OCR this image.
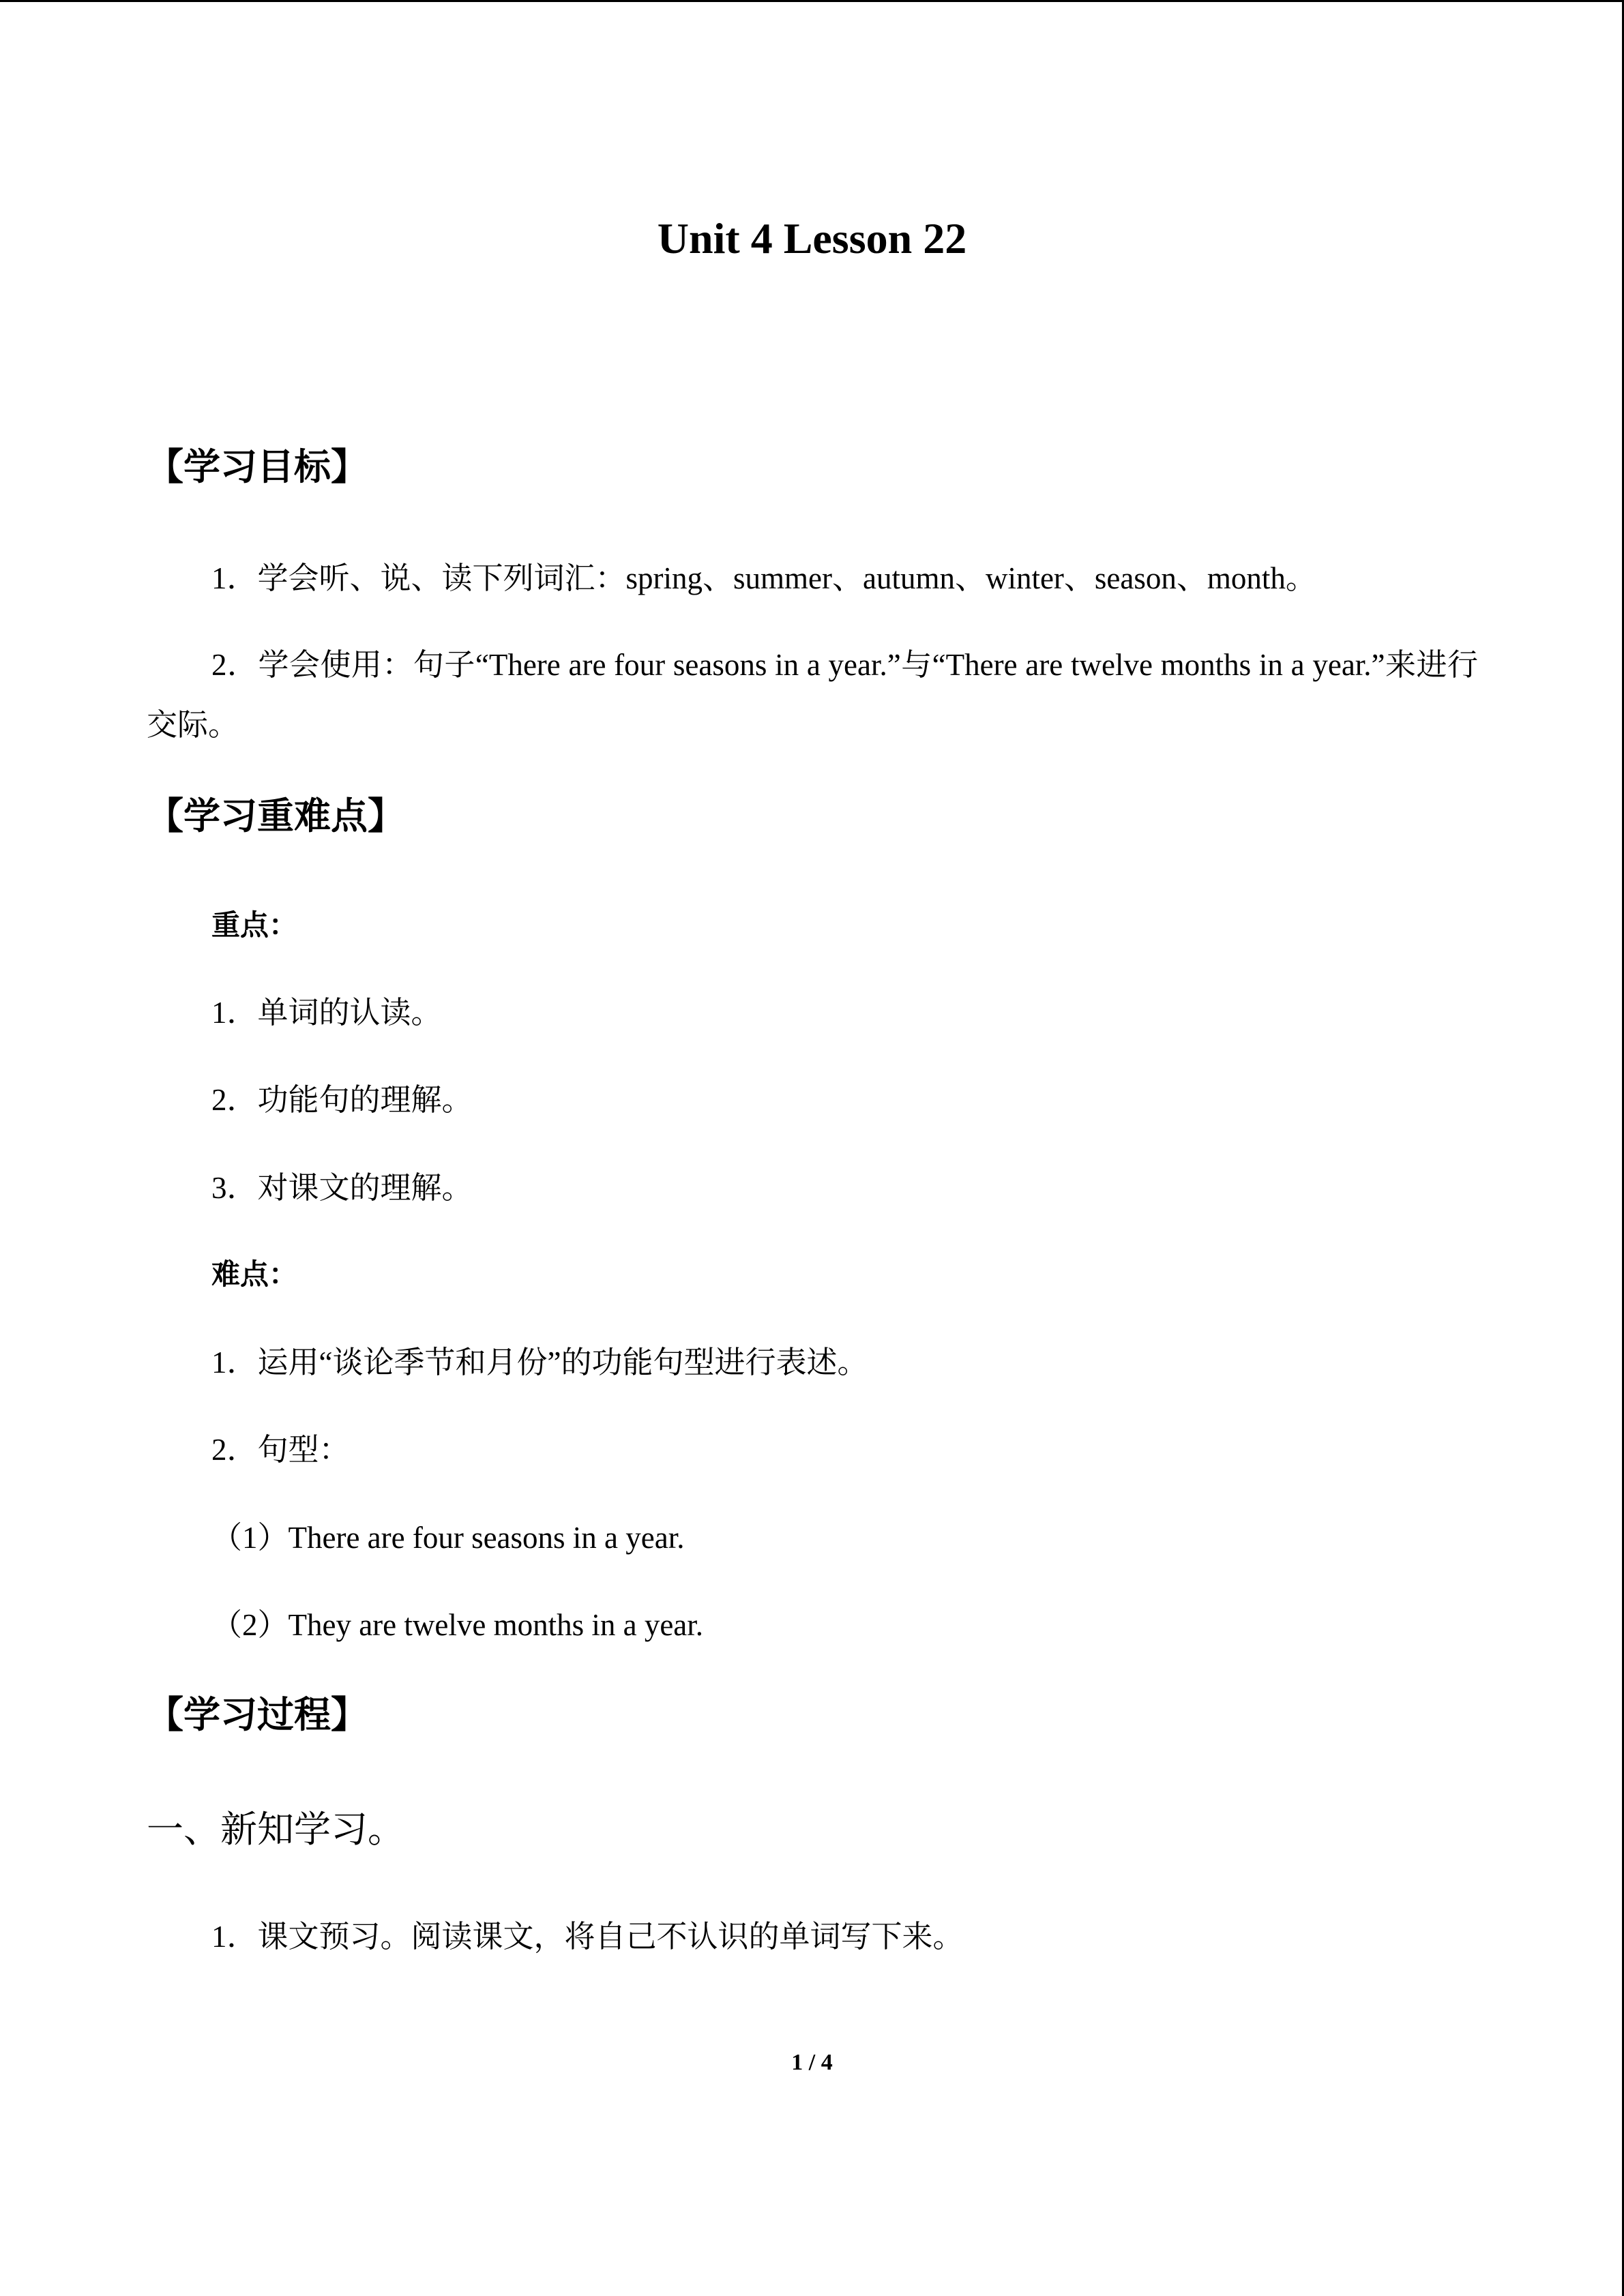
Unit 4 Lesson 22
【学习目标】
1．学会听、说、读下列词汇：spring、summer、autumn、winter、season、month。
2．学会使用：句子“There are four seasons in a year.”与“There are twelve months in a year.”来进行交际。
【学习重难点】
重点：
1．单词的认读。
2．功能句的理解。
3．对课文的理解。
难点：
1．运用“谈论季节和月份”的功能句型进行表述。
2．句型：
（1）There are four seasons in a year.
（2）They are twelve months in a year.
【学习过程】
一、新知学习。
1．课文预习。阅读课文，将自己不认识的单词写下来。
1 / 4
